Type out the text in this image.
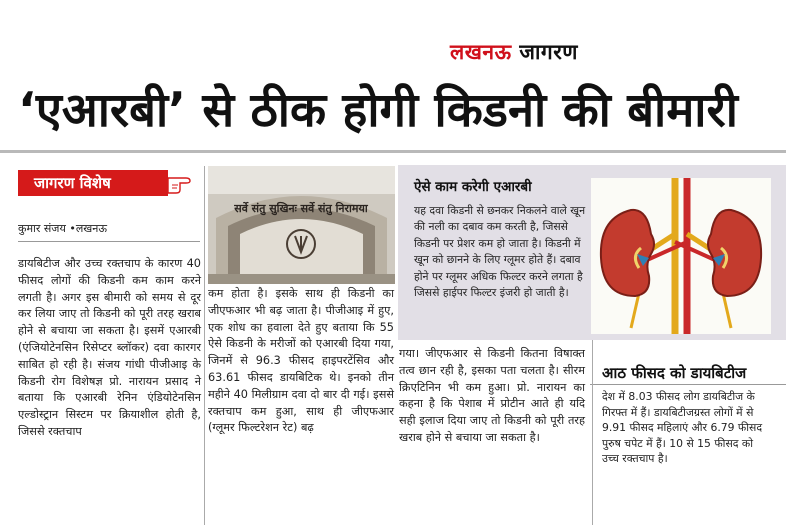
लखनऊ जागरण
‘एआरबी’ से ठीक होगी किडनी की बीमारी
जागरण विशेष
कुमार संजय •लखनऊ
डायबिटीज और उच्च रक्तचाप के कारण 40 फीसद लोगों की किडनी कम काम करने लगती है। अगर इस बीमारी को समय से दूर कर लिया जाए तो किडनी को पूरी तरह खराब होने से बचाया जा सकता है। इसमें एआरबी (एंजियोटेनसिन रिसेप्टर ब्लॉकर) दवा कारगर साबित हो रही है। संजय गांधी पीजीआइ के किडनी रोग विशेषज्ञ प्रो. नारायन प्रसाद ने बताया कि एआरबी रेनिन एंडियोटेनसिन एल्डोस्ट्रान सिस्टम पर क्रियाशील होती है, जिससे रक्तचाप
सर्वे संतु सुखिनः सर्वे संतु निरामया
कम होता है। इसके साथ ही किडनी का जीएफआर भी बढ़ जाता है। पीजीआइ में हुए, एक शोध का हवाला देते हुए बताया कि 55 ऐसे किडनी के मरीजों को एआरबी दिया गया, जिनमें से 96.3 फीसद हाइपरटेंसिव और 63.61 फीसद डायबिटिक थे। इनको तीन महीने 40 मिलीग्राम दवा दो बार दी गई। इससे रक्तचाप कम हुआ, साथ ही जीएफआर (ग्लूमर फिल्टरेशन रेट) बढ़
ऐसे काम करेगी एआरबी
यह दवा किडनी से छनकर निकलने वाले खून की नली का दबाव कम करती है, जिससे किडनी पर प्रेशर कम हो जाता है। किडनी में खून को छानने के लिए ग्लूमर होते हैं। दबाव होने पर ग्लूमर अधिक फिल्टर करने लगता है जिससे हाईपर फिल्टर इंजरी हो जाती है।
गया। जीएफआर से किडनी कितना विषाक्त तत्व छान रही है, इसका पता चलता है। सीरम क्रिएटिनिन भी कम हुआ। प्रो. नारायन का कहना है कि पेशाब में प्रोटीन आते ही यदि सही इलाज दिया जाए तो किडनी को पूरी तरह खराब होने से बचाया जा सकता है।
आठ फीसद को डायबिटीज
देश में 8.03 फीसद लोग डायबिटीज के गिरफ्त में हैं। डायबिटीजग्रस्त लोगों में से 9.91 फीसद महिलाएं और 6.79 फीसद पुरुष चपेट में हैं। 10 से 15 फीसद को उच्च रक्तचाप है।
